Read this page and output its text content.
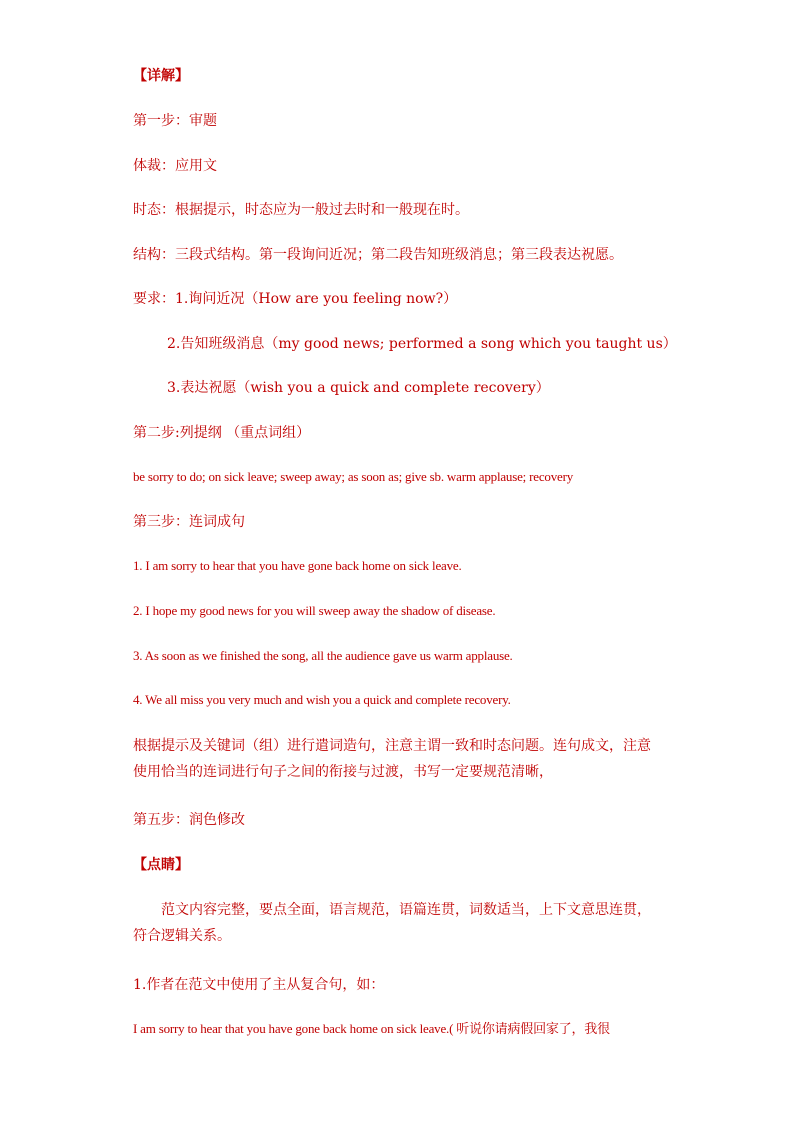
【详解】
第一步：审题
体裁：应用文
时态：根据提示，时态应为一般过去时和一般现在时。
结构：三段式结构。第一段询问近况；第二段告知班级消息；第三段表达祝愿。
要求：1.询问近况（How are you feeling now?）
2.告知班级消息（my good news; performed a song which you taught us）
3.表达祝愿（wish you a quick and complete recovery）
第二步:列提纲 （重点词组）
be sorry to do; on sick leave; sweep away; as soon as; give sb. warm applause; recovery
第三步：连词成句
1. I am sorry to hear that you have gone back home on sick leave.
2. I hope my good news for you will sweep away the shadow of disease.
3. As soon as we finished the song, all the audience gave us warm applause.
4. We all miss you very much and wish you a quick and complete recovery.
根据提示及关键词（组）进行遣词造句，注意主谓一致和时态问题。连句成文，注意使用恰当的连词进行句子之间的衔接与过渡，书写一定要规范清晰，
第五步：润色修改
【点睛】
范文内容完整，要点全面，语言规范，语篇连贯，词数适当，上下文意思连贯，符合逻辑关系。
1.作者在范文中使用了主从复合句，如：
I am sorry to hear that you have gone back home on sick leave.( 听说你请病假回家了，我很
